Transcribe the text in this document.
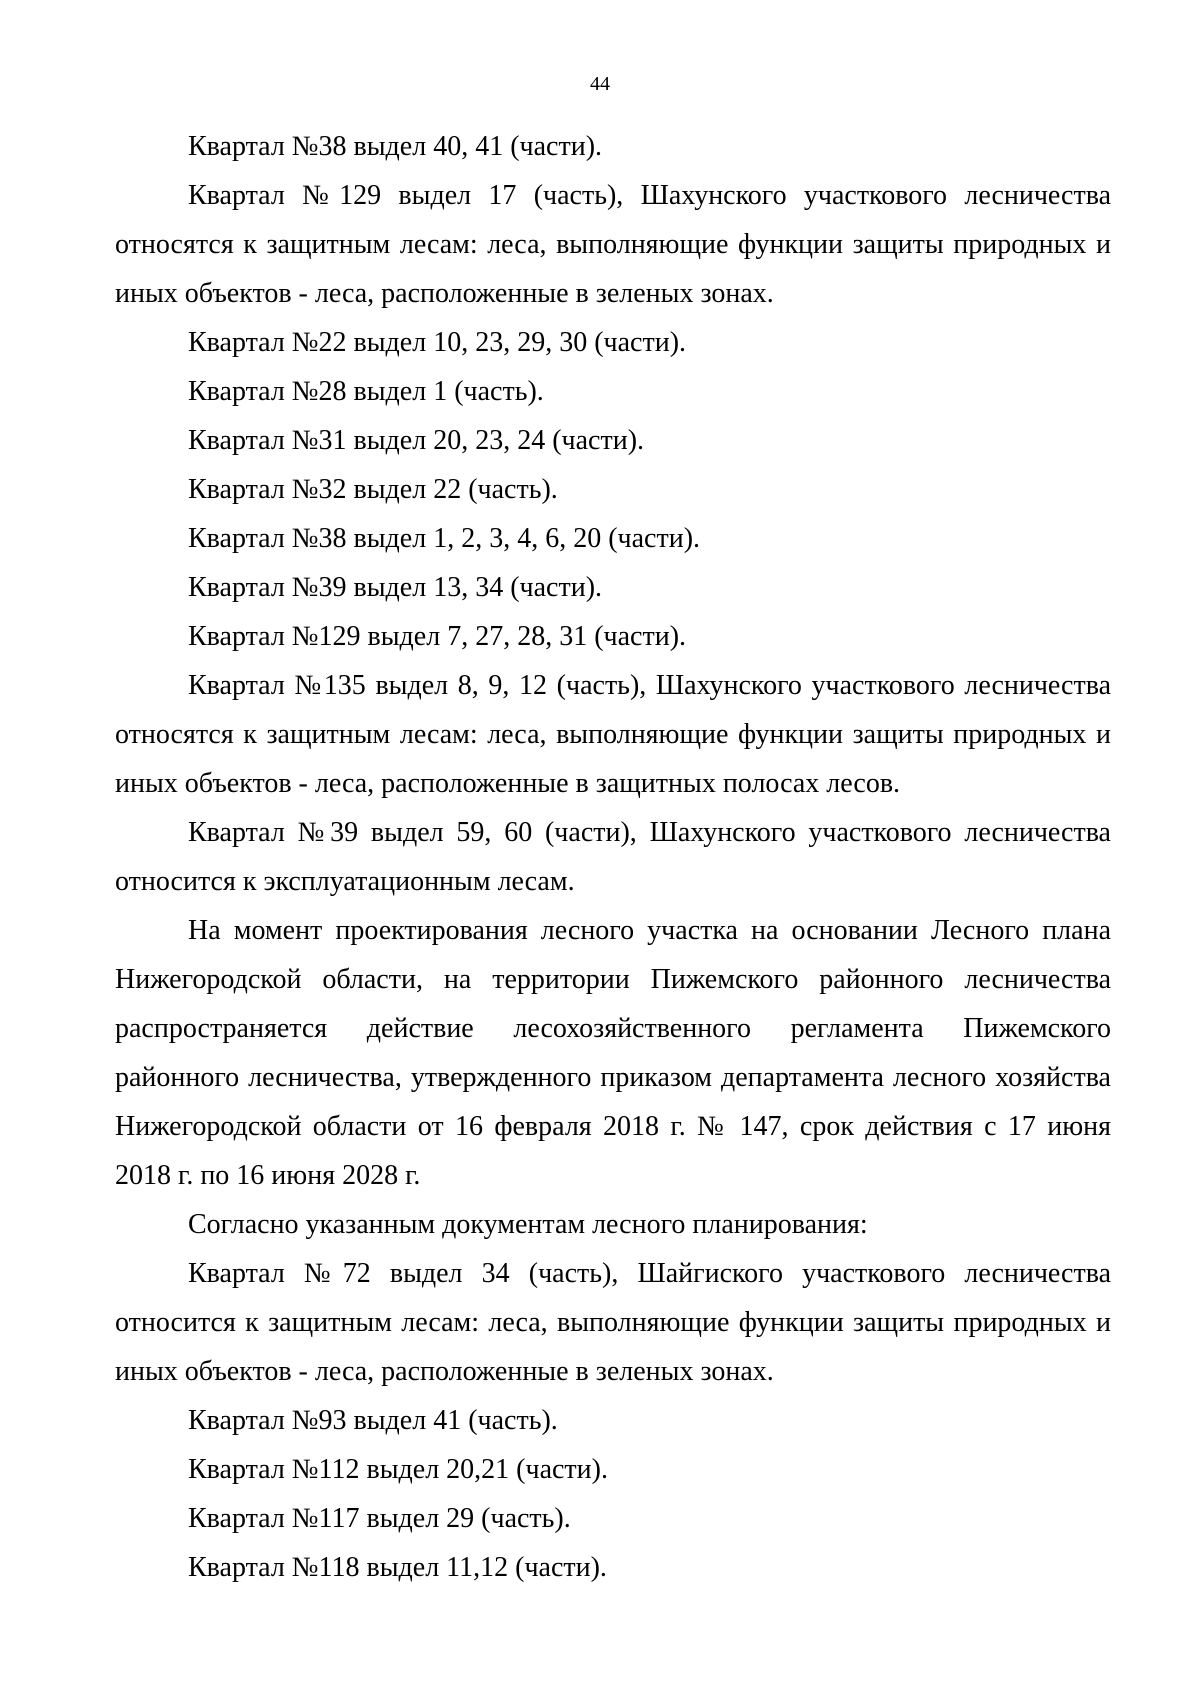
44

Квартал №38 выдел 40, 41 (части).

Квартал №129 выдел 17 (часть), Шахунского участкового лесничества относятся к защитным лесам: леса, выполняющие функции защиты природных и иных объектов - леса, расположенные в зеленых зонах.

Квартал №22 выдел 10, 23, 29, 30 (части).

Квартал №28 выдел 1 (часть).

Квартал №31 выдел 20, 23, 24 (части).

Квартал №32 выдел 22 (часть).

Квартал №38 выдел 1, 2, 3, 4, 6, 20 (части).

Квартал №39 выдел 13, 34 (части).

Квартал №129 выдел 7, 27, 28, 31 (части).

Квартал №135 выдел 8, 9, 12 (часть), Шахунского участкового лесничества относятся к защитным лесам: леса, выполняющие функции защиты природных и иных объектов - леса, расположенные в защитных полосах лесов.

Квартал №39 выдел 59, 60 (части), Шахунского участкового лесничества относится к эксплуатационным лесам.

На момент проектирования лесного участка на основании Лесного плана Нижегородской области, на территории Пижемского районного лесничества распространяется действие лесохозяйственного регламента Пижемского районного лесничества, утвержденного приказом департамента лесного хозяйства Нижегородской области от 16 февраля 2018 г. № 147, срок действия с 17 июня 2018 г. по 16 июня 2028 г.

Согласно указанным документам лесного планирования:

Квартал №72 выдел 34 (часть), Шайгиского участкового лесничества относится к защитным лесам: леса, выполняющие функции защиты природных и иных объектов - леса, расположенные в зеленых зонах.

Квартал №93 выдел 41 (часть).

Квартал №112 выдел 20,21 (части).

Квартал №117 выдел 29 (часть).

Квартал №118 выдел 11,12 (части).
